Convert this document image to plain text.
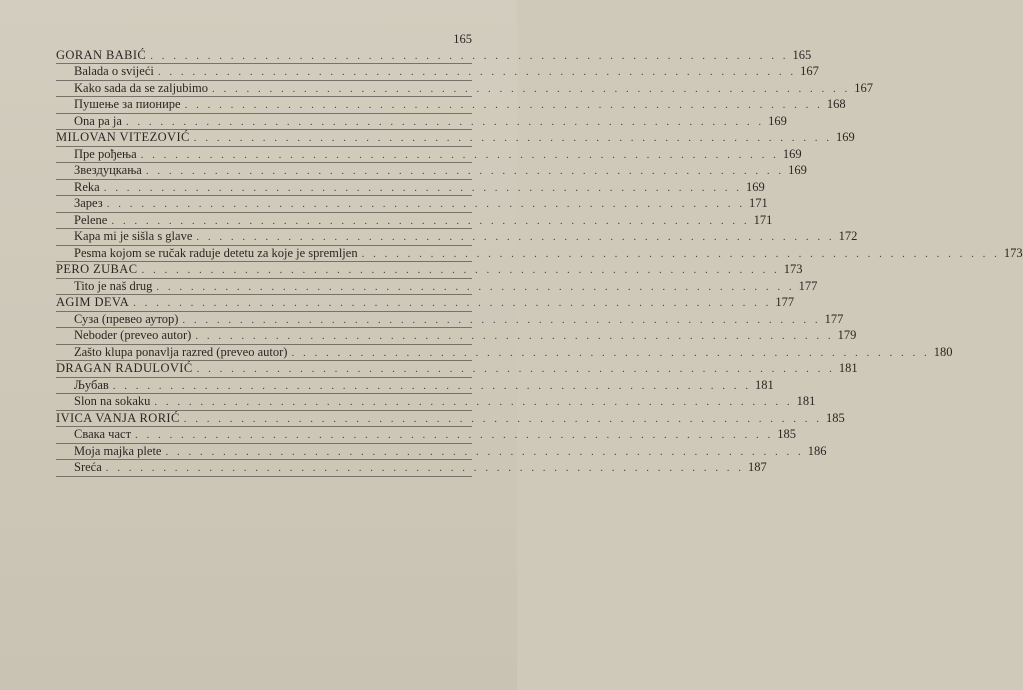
165
GORAN BABIĆ . . . . . . . . . . . . . . . . . . . . . . . . . . . . . . . . . . . . . . . . . . . . . . . . . . . . . . . . 165
Balada o svijeći . . . . . . . . . . . . . . . . . . . . . . . . . . . . . . . . . . . . . . . . . . . . . . . . . . . . . . . . 167
Kako sada da se zaljubimo . . . . . . . . . . . . . . . . . . . . . . . . . . . . . . . . . . . . . . . . . . . . . . . . . . . . . . . . 167
Пушење за пионире . . . . . . . . . . . . . . . . . . . . . . . . . . . . . . . . . . . . . . . . . . . . . . . . . . . . . . . . 168
Ona pa ja . . . . . . . . . . . . . . . . . . . . . . . . . . . . . . . . . . . . . . . . . . . . . . . . . . . . . . . . 169
MILOVAN VITEZOVIĆ . . . . . . . . . . . . . . . . . . . . . . . . . . . . . . . . . . . . . . . . . . . . . . . . . . . . . . . . 169
Пре рођења . . . . . . . . . . . . . . . . . . . . . . . . . . . . . . . . . . . . . . . . . . . . . . . . . . . . . . . . 169
Звездуцкања . . . . . . . . . . . . . . . . . . . . . . . . . . . . . . . . . . . . . . . . . . . . . . . . . . . . . . . . 169
Reka . . . . . . . . . . . . . . . . . . . . . . . . . . . . . . . . . . . . . . . . . . . . . . . . . . . . . . . . 169
Зарез . . . . . . . . . . . . . . . . . . . . . . . . . . . . . . . . . . . . . . . . . . . . . . . . . . . . . . . . 171
Pelene . . . . . . . . . . . . . . . . . . . . . . . . . . . . . . . . . . . . . . . . . . . . . . . . . . . . . . . . 171
Kapa mi je sišla s glave . . . . . . . . . . . . . . . . . . . . . . . . . . . . . . . . . . . . . . . . . . . . . . . . . . . . . . . . 172
Pesma kojom se ručak raduje detetu za koje je spremljen . . . . . . . . . . . . . . . . . . . . . . . . . . . . . . . . . . . . . . . . . . . . . . . . . . . . . . . . 173
PERO ZUBAC . . . . . . . . . . . . . . . . . . . . . . . . . . . . . . . . . . . . . . . . . . . . . . . . . . . . . . . . 173
Tito je naš drug . . . . . . . . . . . . . . . . . . . . . . . . . . . . . . . . . . . . . . . . . . . . . . . . . . . . . . . . 177
AGIM DEVA . . . . . . . . . . . . . . . . . . . . . . . . . . . . . . . . . . . . . . . . . . . . . . . . . . . . . . . . 177
Суза (превео аутор) . . . . . . . . . . . . . . . . . . . . . . . . . . . . . . . . . . . . . . . . . . . . . . . . . . . . . . . . 177
Neboder (preveo autor) . . . . . . . . . . . . . . . . . . . . . . . . . . . . . . . . . . . . . . . . . . . . . . . . . . . . . . . . 179
Zašto klupa ponavlja razred (preveo autor) . . . . . . . . . . . . . . . . . . . . . . . . . . . . . . . . . . . . . . . . . . . . . . . . . . . . . . . . 180
DRAGAN RADULOVIĆ . . . . . . . . . . . . . . . . . . . . . . . . . . . . . . . . . . . . . . . . . . . . . . . . . . . . . . . . 181
Љубав . . . . . . . . . . . . . . . . . . . . . . . . . . . . . . . . . . . . . . . . . . . . . . . . . . . . . . . . 181
Slon na sokaku . . . . . . . . . . . . . . . . . . . . . . . . . . . . . . . . . . . . . . . . . . . . . . . . . . . . . . . . 181
IVICA VANJA RORIĆ . . . . . . . . . . . . . . . . . . . . . . . . . . . . . . . . . . . . . . . . . . . . . . . . . . . . . . . . 185
Свака част . . . . . . . . . . . . . . . . . . . . . . . . . . . . . . . . . . . . . . . . . . . . . . . . . . . . . . . . 185
Moja majka plete . . . . . . . . . . . . . . . . . . . . . . . . . . . . . . . . . . . . . . . . . . . . . . . . . . . . . . . . 186
Sreća . . . . . . . . . . . . . . . . . . . . . . . . . . . . . . . . . . . . . . . . . . . . . . . . . . . . . . . . 187
